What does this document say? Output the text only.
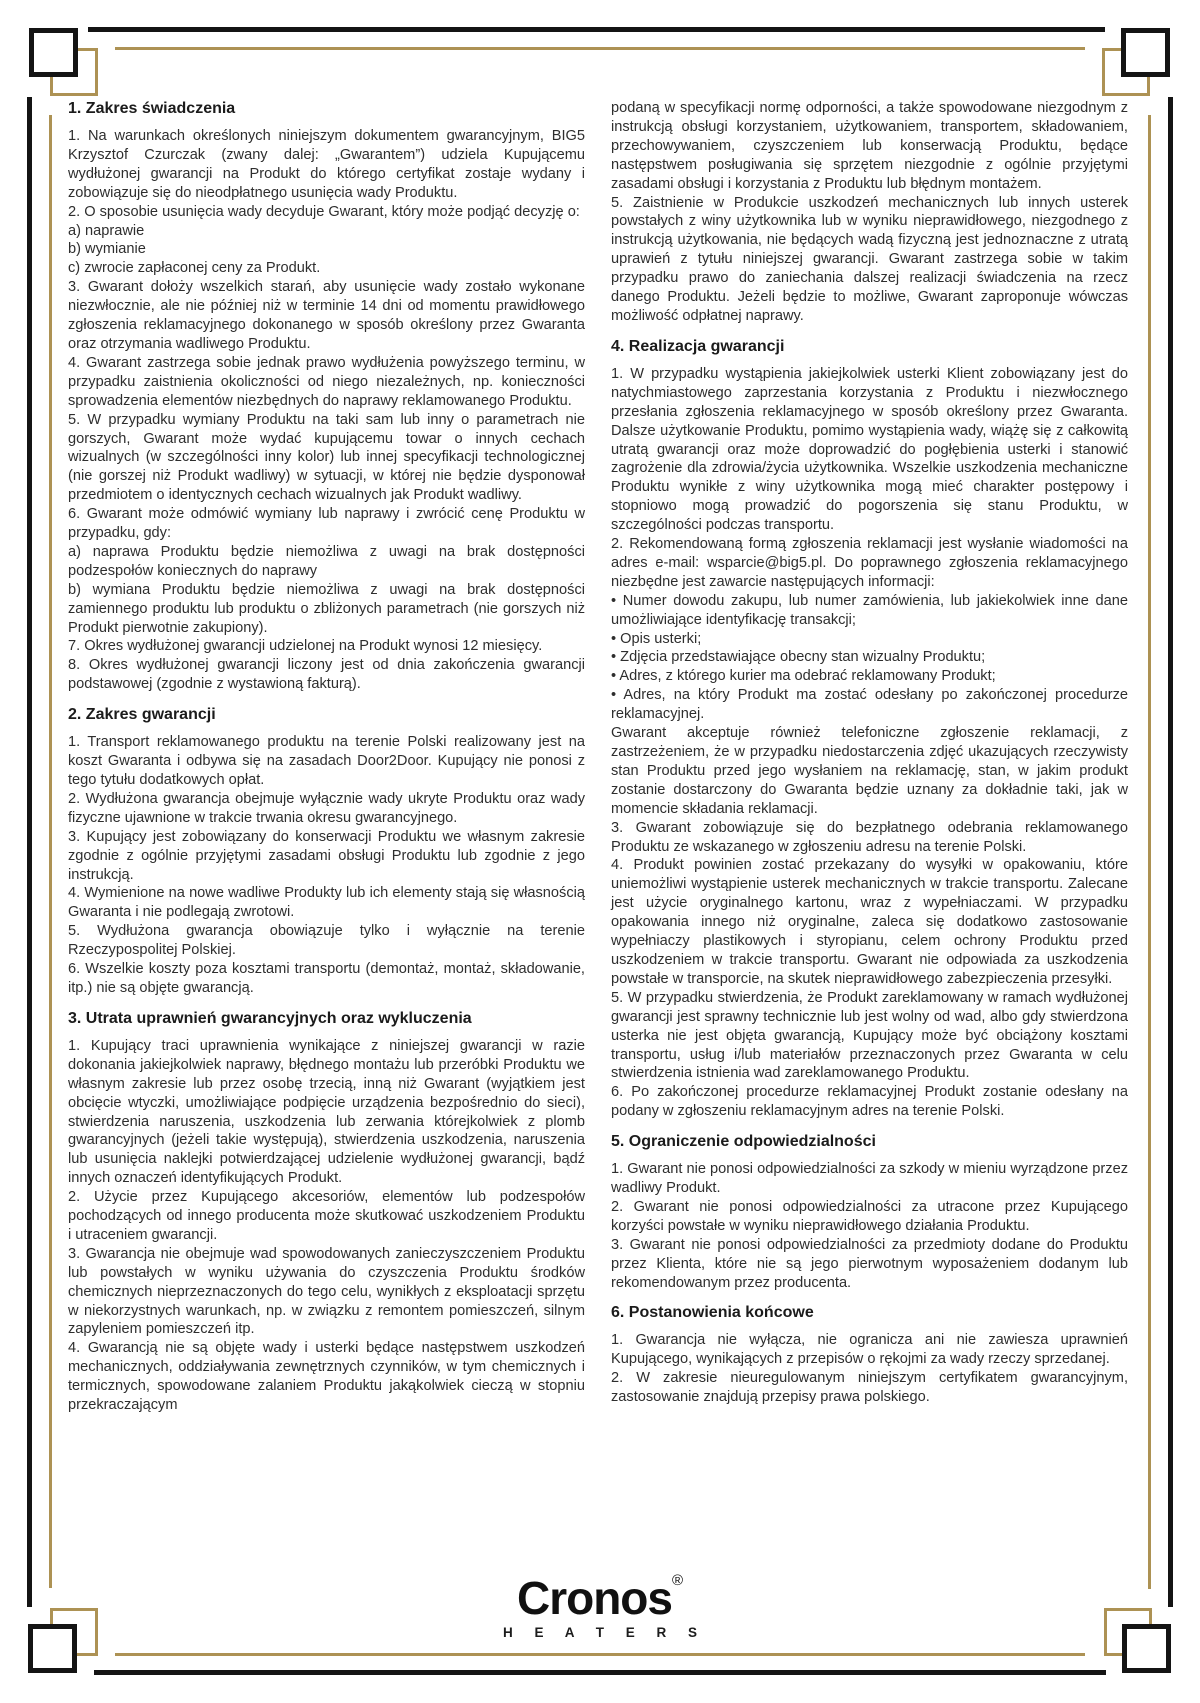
1. Zakres świadczenia

1. Na warunkach określonych niniejszym dokumentem gwarancyjnym, BIG5 Krzysztof Czurczak (zwany dalej: „Gwarantem”) udziela Kupującemu wydłużonej gwarancji na Produkt do którego certyfikat zostaje wydany i zobowiązuje się do nieodpłatnego usunięcia wady Produktu.

2. O sposobie usunięcia wady decyduje Gwarant, który może podjąć decyzję o:

a) naprawie

b) wymianie

c) zwrocie zapłaconej ceny za Produkt.

3. Gwarant dołoży wszelkich starań, aby usunięcie wady zostało wykonane niezwłocznie, ale nie później niż w terminie 14 dni od momentu prawidłowego zgłoszenia reklamacyjnego dokonanego w sposób określony przez Gwaranta oraz otrzymania wadliwego Produktu.

4. Gwarant zastrzega sobie jednak prawo wydłużenia powyższego terminu, w przypadku zaistnienia okoliczności od niego niezależnych, np. konieczności sprowadzenia elementów niezbędnych do naprawy reklamowanego Produktu.

5. W przypadku wymiany Produktu na taki sam lub inny o parametrach nie gorszych, Gwarant może wydać kupującemu towar o innych cechach wizualnych (w szczególności inny kolor) lub innej specyfikacji technologicznej (nie gorszej niż Produkt wadliwy) w sytuacji, w której nie będzie dysponował przedmiotem o identycznych cechach wizualnych jak Produkt wadliwy.

6. Gwarant może odmówić wymiany lub naprawy i zwrócić cenę Produktu w przypadku, gdy:

a) naprawa Produktu będzie niemożliwa z uwagi na brak dostępności podzespołów koniecznych do naprawy

b) wymiana Produktu będzie niemożliwa z uwagi na brak dostępności zamiennego produktu lub produktu o zbliżonych parametrach (nie gorszych niż Produkt pierwotnie zakupiony).

7. Okres wydłużonej gwarancji udzielonej na Produkt wynosi 12 miesięcy.

8. Okres wydłużonej gwarancji liczony jest od dnia zakończenia gwarancji podstawowej (zgodnie z wystawioną fakturą).

2. Zakres gwarancji

1. Transport reklamowanego produktu na terenie Polski realizowany jest na koszt Gwaranta i odbywa się na zasadach Door2Door. Kupujący nie ponosi z tego tytułu dodatkowych opłat.

2. Wydłużona gwarancja obejmuje wyłącznie wady ukryte Produktu oraz wady fizyczne ujawnione w trakcie trwania okresu gwarancyjnego.

3. Kupujący jest zobowiązany do konserwacji Produktu we własnym zakresie zgodnie z ogólnie przyjętymi zasadami obsługi Produktu lub zgodnie z jego instrukcją.

4. Wymienione na nowe wadliwe Produkty lub ich elementy stają się własnością Gwaranta i nie podlegają zwrotowi.

5. Wydłużona gwarancja obowiązuje tylko i wyłącznie na terenie Rzeczypospolitej Polskiej.

6. Wszelkie koszty poza kosztami transportu (demontaż, montaż, składowanie, itp.) nie są objęte gwarancją.

3. Utrata uprawnień gwarancyjnych oraz wykluczenia

1. Kupujący traci uprawnienia wynikające z niniejszej gwarancji w razie dokonania jakiejkolwiek naprawy, błędnego montażu lub przeróbki Produktu we własnym zakresie lub przez osobę trzecią, inną niż Gwarant (wyjątkiem jest obcięcie wtyczki, umożliwiające podpięcie urządzenia bezpośrednio do sieci), stwierdzenia naruszenia, uszkodzenia lub zerwania którejkolwiek z plomb gwarancyjnych (jeżeli takie występują), stwierdzenia uszkodzenia, naruszenia lub usunięcia naklejki potwierdzającej udzielenie wydłużonej gwarancji, bądź innych oznaczeń identyfikujących Produkt.

2. Użycie przez Kupującego akcesoriów, elementów lub podzespołów pochodzących od innego producenta może skutkować uszkodzeniem Produktu i utraceniem gwarancji.

3. Gwarancja nie obejmuje wad spowodowanych zanieczyszczeniem Produktu lub powstałych w wyniku używania do czyszczenia Produktu środków chemicznych nieprzeznaczonych do tego celu, wynikłych z eksploatacji sprzętu w niekorzystnych warunkach, np. w związku z remontem pomieszczeń, silnym zapyleniem pomieszczeń itp.

4. Gwarancją nie są objęte wady i usterki będące następstwem uszkodzeń mechanicznych, oddziaływania zewnętrznych czynników, w tym chemicznych i termicznych, spowodowane zalaniem Produktu jakąkolwiek cieczą w stopniu przekraczającym

podaną w specyfikacji normę odporności, a także spowodowane niezgodnym z instrukcją obsługi korzystaniem, użytkowaniem, transportem, składowaniem, przechowywaniem, czyszczeniem lub konserwacją Produktu, będące następstwem posługiwania się sprzętem niezgodnie z ogólnie przyjętymi zasadami obsługi i korzystania z Produktu lub błędnym montażem.

5. Zaistnienie w Produkcie uszkodzeń mechanicznych lub innych usterek powstałych z winy użytkownika lub w wyniku nieprawidłowego, niezgodnego z instrukcją użytkowania, nie będących wadą fizyczną jest jednoznaczne z utratą uprawień z tytułu niniejszej gwarancji. Gwarant zastrzega sobie w takim przypadku prawo do zaniechania dalszej realizacji świadczenia na rzecz danego Produktu. Jeżeli będzie to możliwe, Gwarant zaproponuje wówczas możliwość odpłatnej naprawy.

4. Realizacja gwarancji

1. W przypadku wystąpienia jakiejkolwiek usterki Klient zobowiązany jest do natychmiastowego zaprzestania korzystania z Produktu i niezwłocznego przesłania zgłoszenia reklamacyjnego w sposób określony przez Gwaranta. Dalsze użytkowanie Produktu, pomimo wystąpienia wady, wiążę się z całkowitą utratą gwarancji oraz może doprowadzić do pogłębienia usterki i stanowić zagrożenie dla zdrowia/życia użytkownika. Wszelkie uszkodzenia mechaniczne Produktu wynikłe z winy użytkownika mogą mieć charakter postępowy i stopniowo mogą prowadzić do pogorszenia się stanu Produktu, w szczególności podczas transportu.

2. Rekomendowaną formą zgłoszenia reklamacji jest wysłanie wiadomości na adres e-mail: wsparcie@big5.pl. Do poprawnego zgłoszenia reklamacyjnego niezbędne jest zawarcie następujących informacji:

• Numer dowodu zakupu, lub numer zamówienia, lub jakiekolwiek inne dane umożliwiające identyfikację transakcji;

• Opis usterki;

• Zdjęcia przedstawiające obecny stan wizualny Produktu;

• Adres, z którego kurier ma odebrać reklamowany Produkt;

• Adres, na który Produkt ma zostać odesłany po zakończonej procedurze reklamacyjnej.

Gwarant akceptuje również telefoniczne zgłoszenie reklamacji, z zastrzeżeniem, że w przypadku niedostarczenia zdjęć ukazujących rzeczywisty stan Produktu przed jego wysłaniem na reklamację, stan, w jakim produkt zostanie dostarczony do Gwaranta będzie uznany za dokładnie taki, jak w momencie składania reklamacji.

3. Gwarant zobowiązuje się do bezpłatnego odebrania reklamowanego Produktu ze wskazanego w zgłoszeniu adresu na terenie Polski.

4. Produkt powinien zostać przekazany do wysyłki w opakowaniu, które uniemożliwi wystąpienie usterek mechanicznych w trakcie transportu. Zalecane jest użycie oryginalnego kartonu, wraz z wypełniaczami. W przypadku opakowania innego niż oryginalne, zaleca się dodatkowo zastosowanie wypełniaczy plastikowych i styropianu, celem ochrony Produktu przed uszkodzeniem w trakcie transportu. Gwarant nie odpowiada za uszkodzenia powstałe w transporcie, na skutek nieprawidłowego zabezpieczenia przesyłki.

5. W przypadku stwierdzenia, że Produkt zareklamowany w ramach wydłużonej gwarancji jest sprawny technicznie lub jest wolny od wad, albo gdy stwierdzona usterka nie jest objęta gwarancją, Kupujący może być obciążony kosztami transportu, usług i/lub materiałów przeznaczonych przez Gwaranta w celu stwierdzenia istnienia wad zareklamowanego Produktu.

6. Po zakończonej procedurze reklamacyjnej Produkt zostanie odesłany na podany w zgłoszeniu reklamacyjnym adres na terenie Polski.

5. Ograniczenie odpowiedzialności

1. Gwarant nie ponosi odpowiedzialności za szkody w mieniu wyrządzone przez wadliwy Produkt.

2. Gwarant nie ponosi odpowiedzialności za utracone przez Kupującego korzyści powstałe w wyniku nieprawidłowego działania Produktu.

3. Gwarant nie ponosi odpowiedzialności za przedmioty dodane do Produktu przez Klienta, które nie są jego pierwotnym wyposażeniem dodanym lub rekomendowanym przez producenta.

6. Postanowienia końcowe

1. Gwarancja nie wyłącza, nie ogranicza ani nie zawiesza uprawnień Kupującego, wynikających z przepisów o rękojmi za wady rzeczy sprzedanej.

2. W zakresie nieuregulowanym niniejszym certyfikatem gwarancyjnym, zastosowanie znajdują przepisy prawa polskiego.

Cronos®
H E A T E R S
